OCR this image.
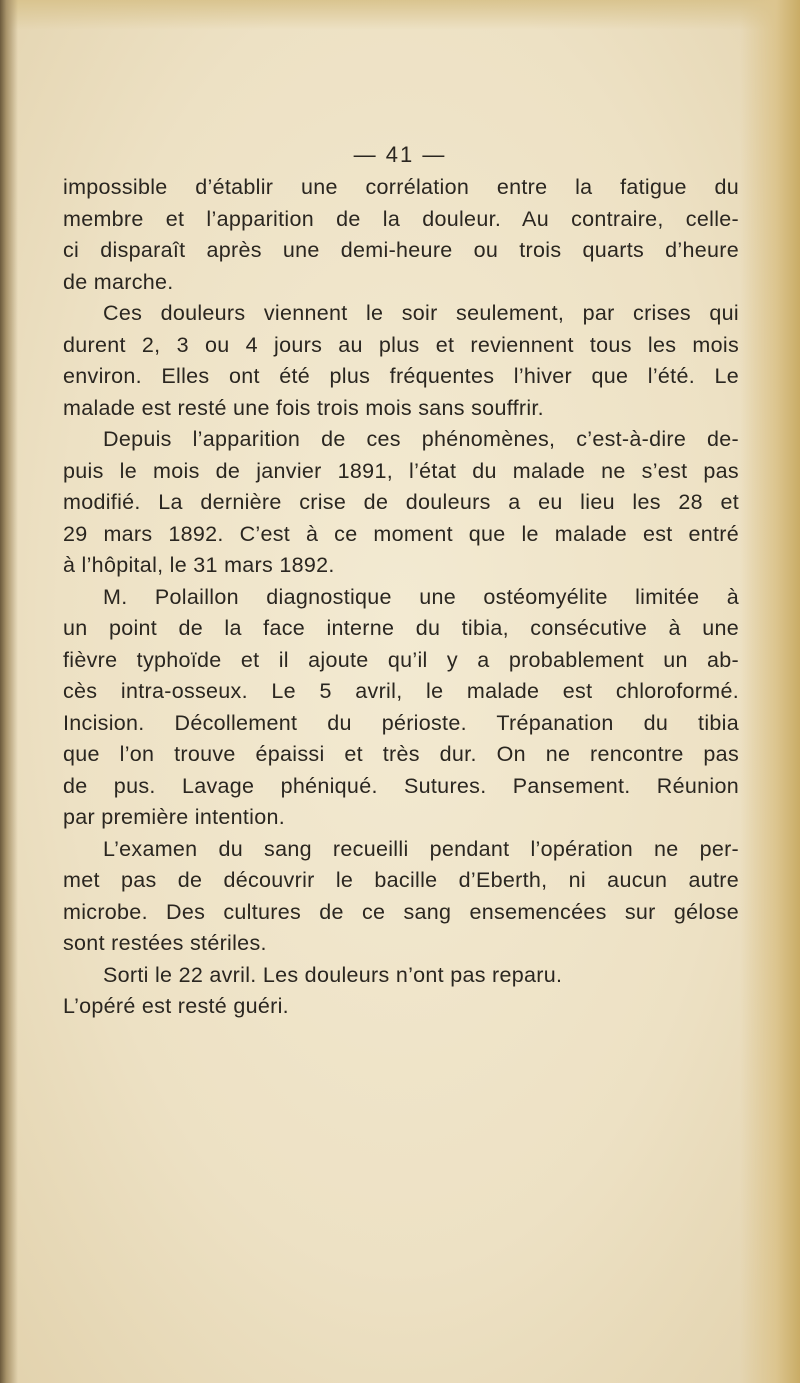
— 41 —

impossible d’établir une corrélation entre la fatigue du
membre et l’apparition de la douleur. Au contraire, celle-
ci disparaît après une demi-heure ou trois quarts d’heure

de marche.

Ces douleurs viennent le soir seulement, par crises qui
durent 2, 3 ou 4 jours au plus et reviennent tous les mois
environ. Elles ont été plus fréquentes l’hiver que l’été. Le

malade est resté une fois trois mois sans souffrir.

Depuis l’apparition de ces phénomènes, c’est-à-dire de-
puis le mois de janvier 1891, l’état du malade ne s’est pas
modifié. La dernière crise de douleurs a eu lieu les 28 et
29 mars 1892. C’est à ce moment que le malade est entré

à l’hôpital, le 31 mars 1892.

M. Polaillon diagnostique une ostéomyélite limitée à
un point de la face interne du tibia, consécutive à une
fièvre typhoïde et il ajoute qu’il y a probablement un ab-
cès intra-osseux. Le 5 avril, le malade est chloroformé.
Incision. Décollement du périoste. Trépanation du tibia
que l’on trouve épaissi et très dur. On ne rencontre pas
de pus. Lavage phéniqué. Sutures. Pansement. Réunion

par première intention.

L’examen du sang recueilli pendant l’opération ne per-
met pas de découvrir le bacille d’Eberth, ni aucun autre
microbe. Des cultures de ce sang ensemencées sur gélose

sont restées stériles.

Sorti le 22 avril. Les douleurs n’ont pas reparu.

L’opéré est resté guéri.
